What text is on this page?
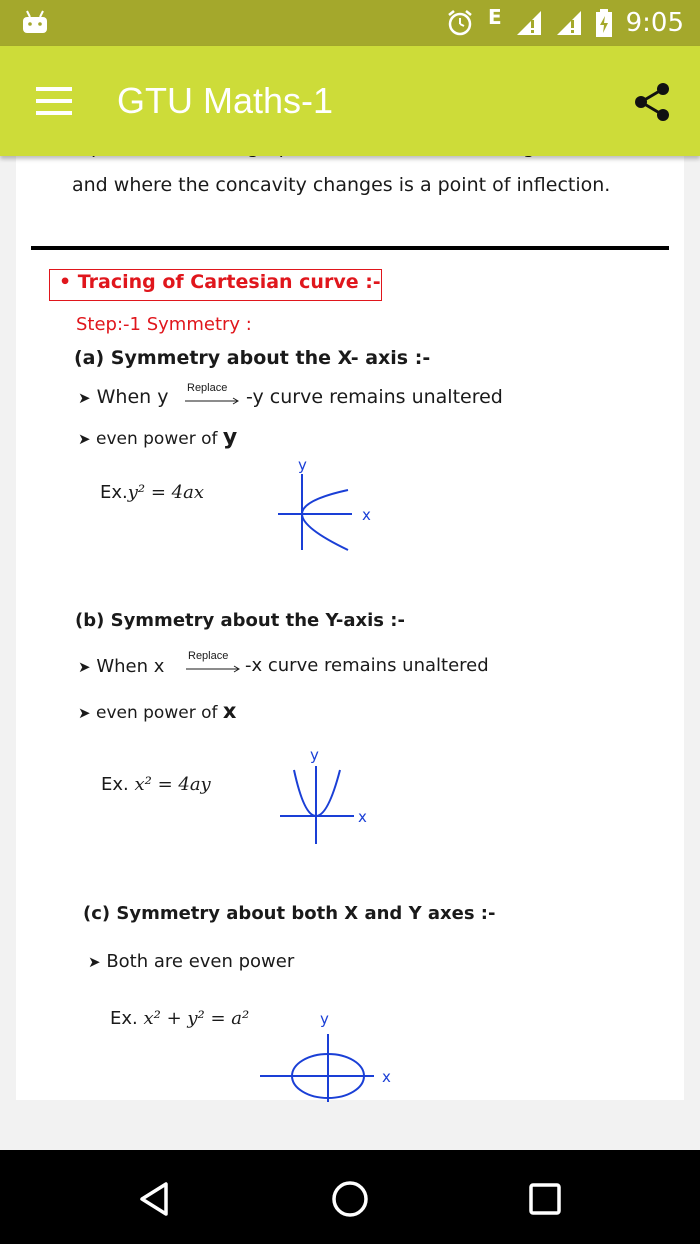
E	9:05
GTU Maths-1
and where the concavity changes is a point of inflection.
• Tracing of Cartesian curve :-
Step:-1 Symmetry :
(a) Symmetry about the X- axis :-
➤ When y Replace -y curve remains unaltered
➤ even power of y
Ex.y² = 4ax
y
x
(b) Symmetry about the Y-axis :-
➤ When x Replace -x curve remains unaltered
➤ even power of x
Ex. x² = 4ay
y
x
(c) Symmetry about both X and Y axes :-
➤ Both are even power
Ex. x² + y² = a²	y
x
